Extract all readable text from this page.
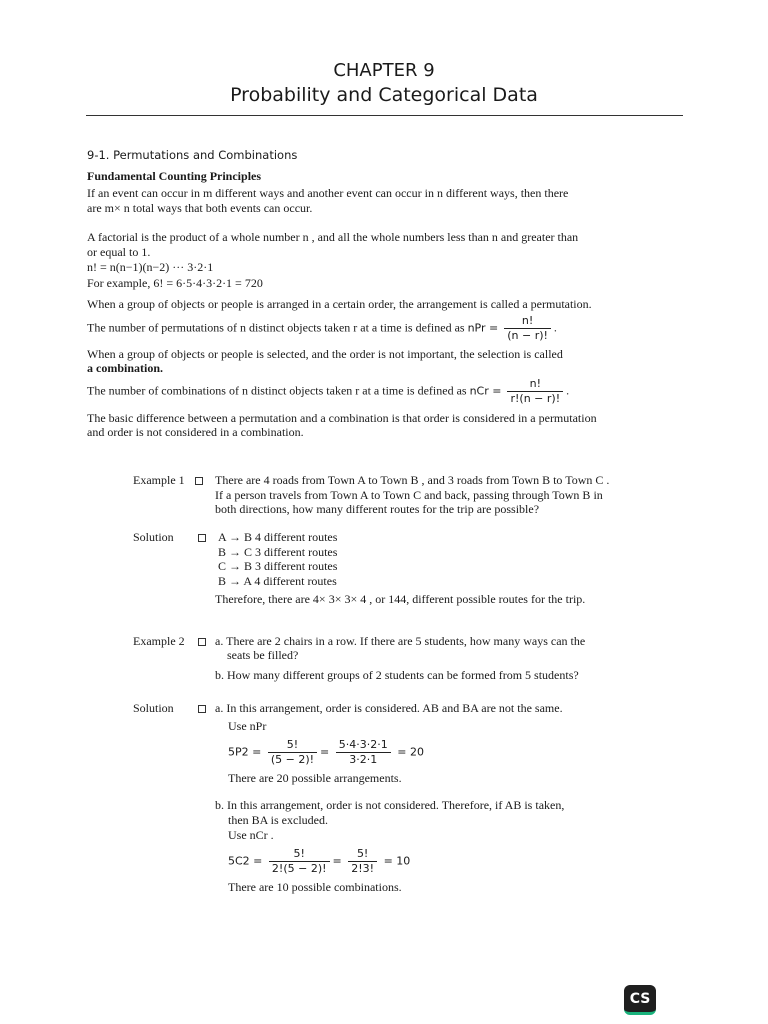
CHAPTER 9
Probability and Categorical Data
9-1. Permutations and Combinations
Fundamental Counting Principles
If an event can occur in m different ways and another event can occur in n different ways, then there
are m× n total ways that both events can occur.
A factorial is the product of a whole number n , and all the whole numbers less than n and greater than
or equal to 1.
n! = n(n−1)(n−2) ··· 3·2·1
For example, 6! = 6·5·4·3·2·1 = 720
When a group of objects or people is arranged in a certain order, the arrangement is called a permutation.
The number of permutations of n distinct objects taken r at a time is defined as nPr = $\frac{n!}{(n - r)!}$ .
When a group of objects or people is selected, and the order is not important, the selection is called
a combination.
The number of combinations of n distinct objects taken r at a time is defined as nCr = $\frac{n!}{r!(n - r)!}$ .
The basic difference between a permutation and a combination is that order is considered in a permutation
and order is not considered in a combination.
Example 1	There are 4 roads from Town A to Town B , and 3 roads from Town B to Town C .
If a person travels from Town A to Town C and back, passing through Town B in
both directions, how many different routes for the trip are possible?
Solution	A → B 4 different routes
B → C 3 different routes
C → B 3 different routes
B → A 4 different routes
Therefore, there are 4× 3× 3× 4 , or 144, different possible routes for the trip.
Example 2	a. There are 2 chairs in a row. If there are 5 students, how many ways can the
seats be filled?
b. How many different groups of 2 students can be formed from 5 students?
Solution	a. In this arrangement, order is considered. AB and BA are not the same.
Use nPr
$5P2 = \frac{5!}{(5 - 2)!} = \frac{5\cdot 4\cdot 3\cdot 2\cdot 1}{3\cdot 2\cdot 1} = 20$
There are 20 possible arrangements.
b. In this arrangement, order is not considered. Therefore, if AB is taken,
then BA is excluded.
Use nCr .
$5C2 = \frac{5!}{2!(5 - 2)!} = \frac{5!}{2!3!} = 10$
There are 10 possible combinations.
CS
